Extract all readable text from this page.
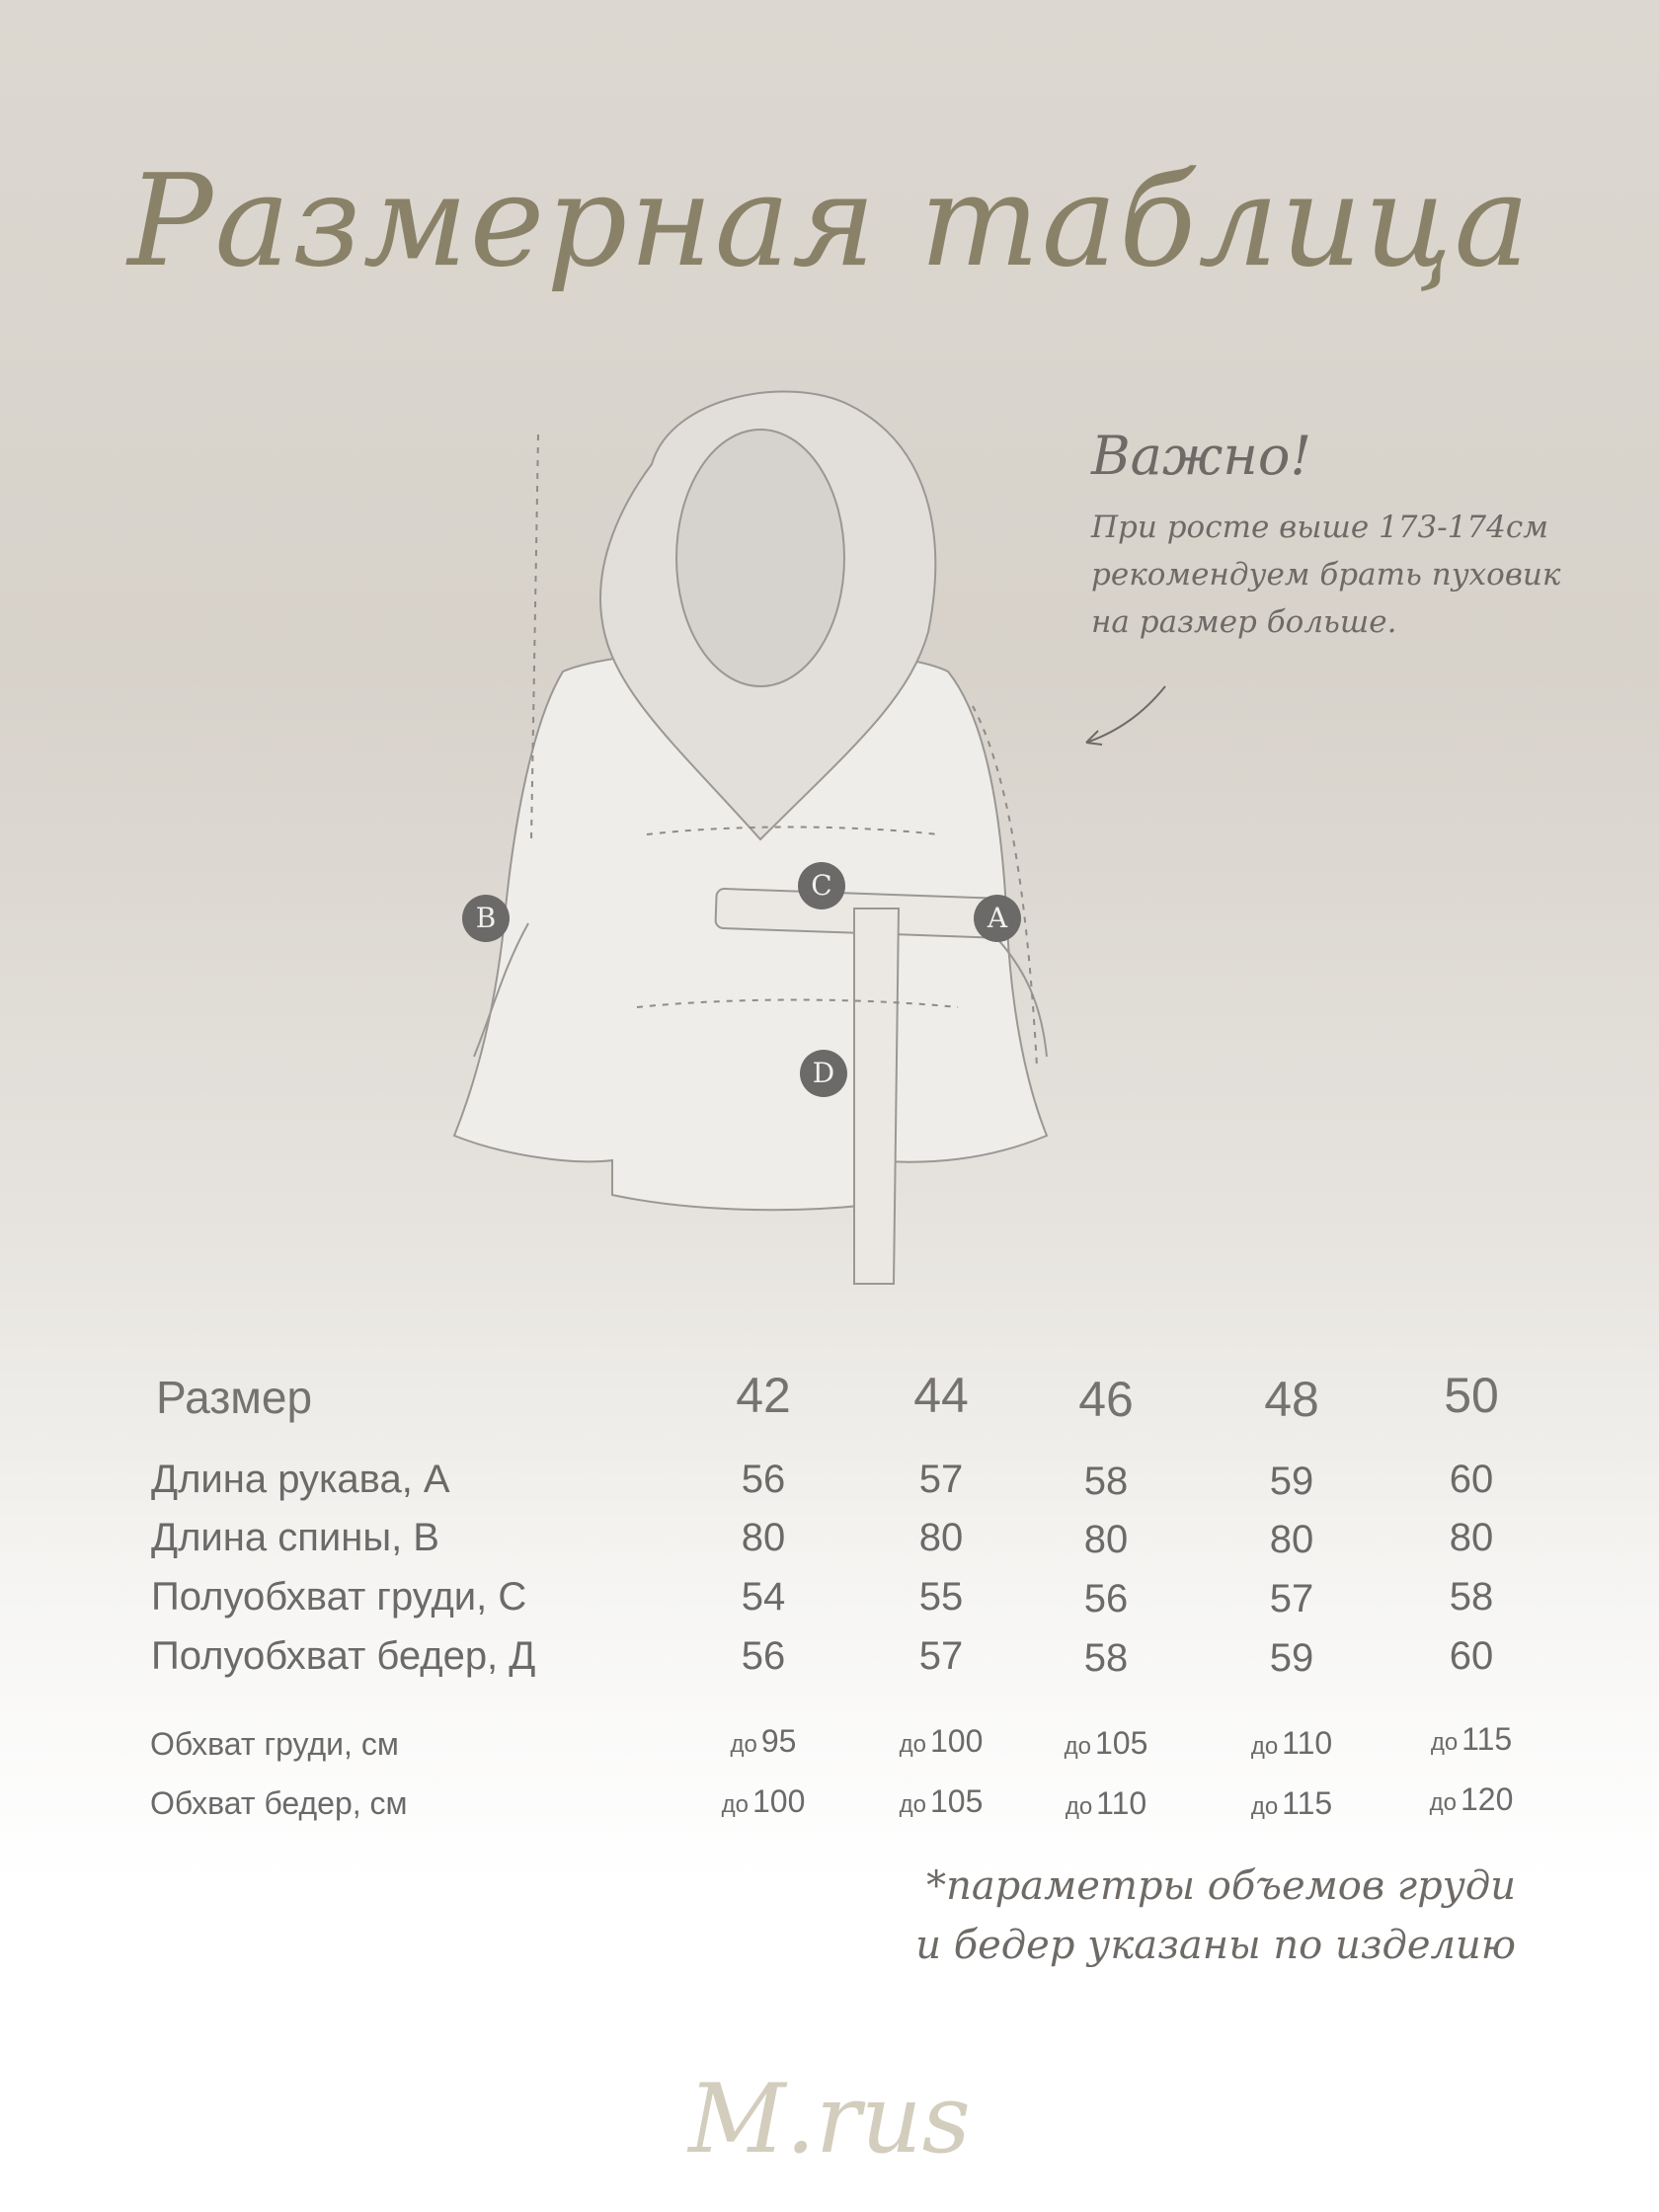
Размерная таблица
B
C
A
D
Важно!
При росте выше 173-174см
рекомендуем брать пуховик
на размер больше.
Размер	42	44	46	48	50
Длина рукава, А	56	57	58	59	60
Длина спины, В	80	80	80	80	80
Полуобхват груди, С	54	55	56	57	58
Полуобхват бедер, Д	56	57	58	59	60
Обхват груди, см	до 95	до 100	до 105	до 110	до 115
Обхват бедер, см	до 100	до 105	до 110	до 115	до 120
*параметры объемов груди
и бедер указаны по изделию
M.rus
